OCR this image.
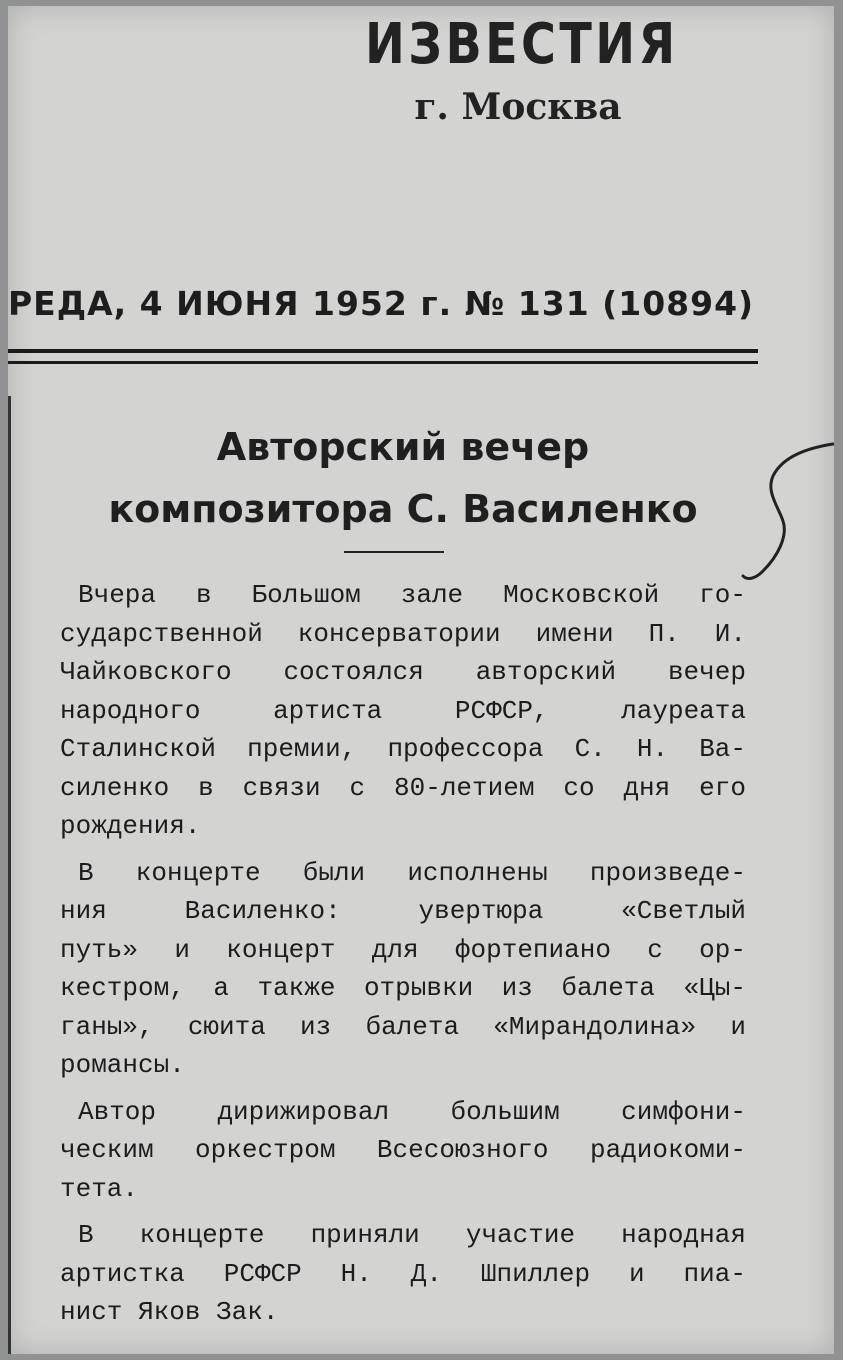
ИЗВЕСТИЯ
г. Москва
РЕДА, 4 ИЮНЯ 1952 г. № 131 (10894)
Авторский вечер
композитора С. Василенко
Вчера в Большом зале Московской го-
сударственной консерватории имени П. И.
Чайковского состоялся авторский вечер
народного	артиста	РСФСР,	лауреата
Сталинской премии, профессора С. Н. Ва-
силенко в связи с 80-летием со дня его
рождения.
В концерте были исполнены произведе-
ния	Василенко:	увертюра	«Светлый
путь» и концерт для фортепиано с ор-
кестром, а также отрывки из балета «Цы-
ганы», сюита из балета «Мирандолина» и
романсы.
Автор дирижировал большим симфони-
ческим оркестром Всесоюзного радиокоми-
тета.
В концерте приняли участие народная
артистка РСФСР Н. Д. Шпиллер и пиа-
нист Яков Зак.
